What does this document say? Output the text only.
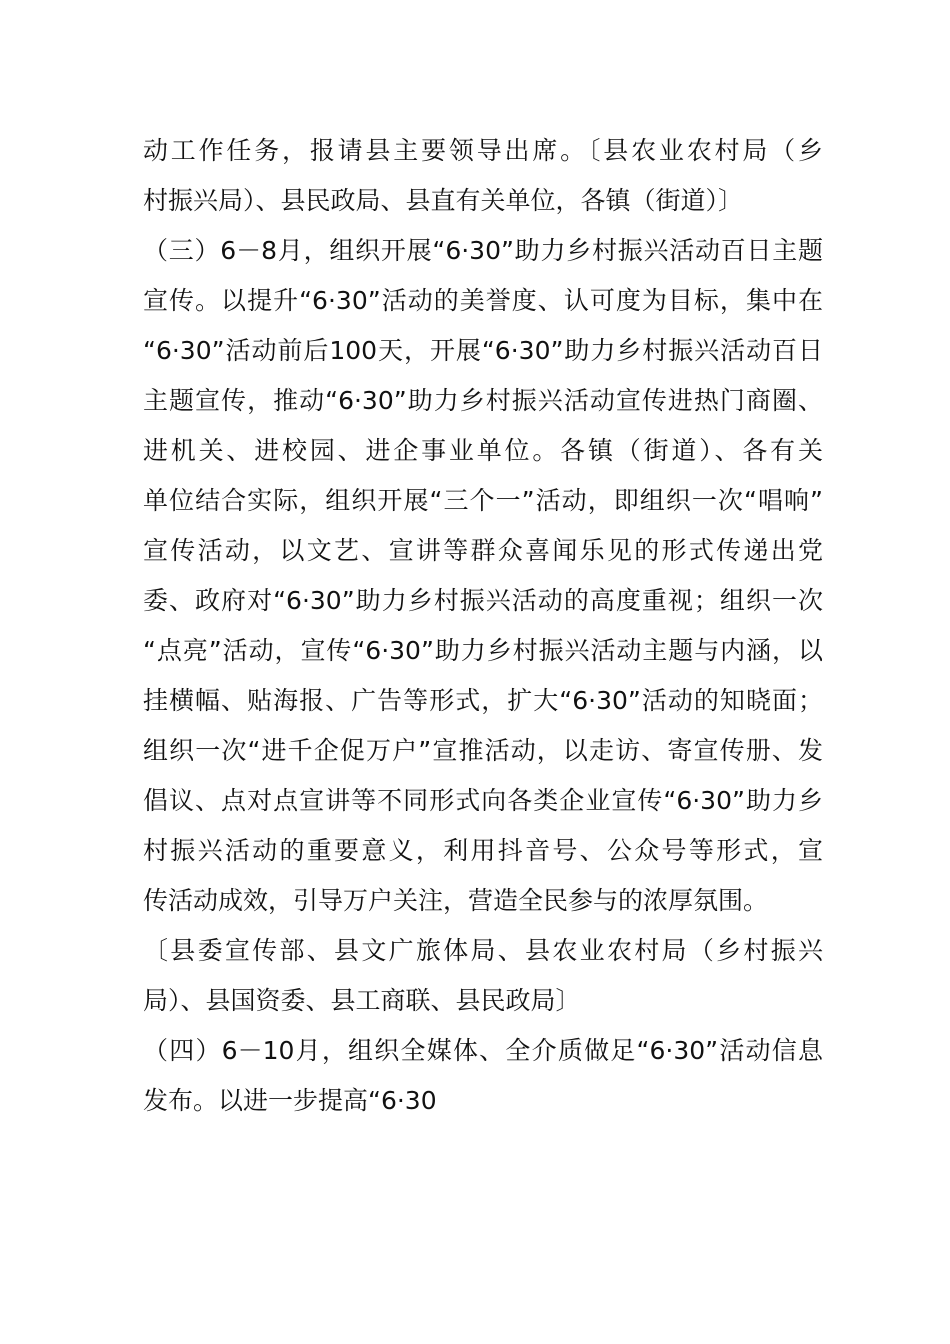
动工作任务，报请县主要领导出席。〔县农业农村局（乡
村振兴局）、县民政局、县直有关单位，各镇（街道）〕
（三）6－8月，组织开展“6·30”助力乡村振兴活动百日主题
宣传。以提升“6·30”活动的美誉度、认可度为目标，集中在
“6·30”活动前后100天，开展“6·30”助力乡村振兴活动百日
主题宣传，推动“6·30”助力乡村振兴活动宣传进热门商圈、
进机关、进校园、进企事业单位。各镇（街道）、各有关
单位结合实际，组织开展“三个一”活动，即组织一次“唱响”
宣传活动，以文艺、宣讲等群众喜闻乐见的形式传递出党
委、政府对“6·30”助力乡村振兴活动的高度重视；组织一次
“点亮”活动，宣传“6·30”助力乡村振兴活动主题与内涵，以
挂横幅、贴海报、广告等形式，扩大“6·30”活动的知晓面；
组织一次“进千企促万户”宣推活动，以走访、寄宣传册、发
倡议、点对点宣讲等不同形式向各类企业宣传“6·30”助力乡
村振兴活动的重要意义，利用抖音号、公众号等形式，宣
传活动成效，引导万户关注，营造全民参与的浓厚氛围。
〔县委宣传部、县文广旅体局、县农业农村局（乡村振兴
局）、县国资委、县工商联、县民政局〕
（四）6－10月，组织全媒体、全介质做足“6·30”活动信息
发布。以进一步提高“6·30
